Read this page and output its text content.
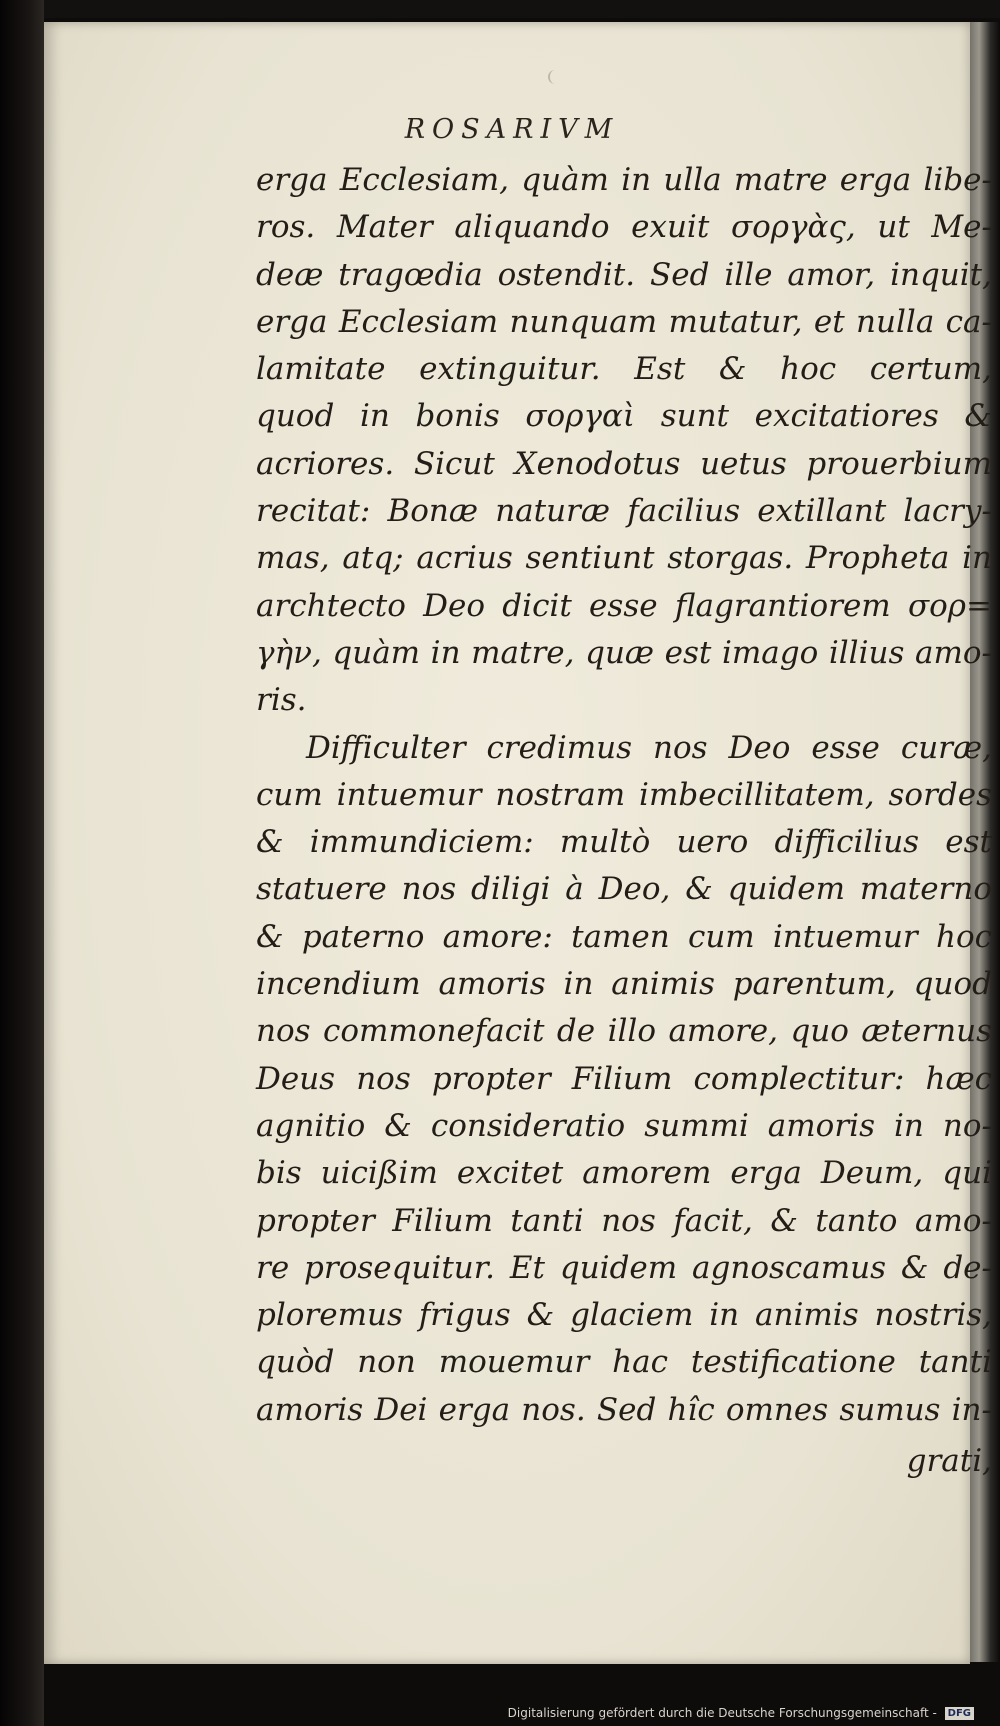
ROSARIVM
erga Ecclesiam, quàm in ulla matre erga libe-
ros. Mater aliquando exuit σοργὰς, ut Me-
deæ tragœdia ostendit. Sed ille amor, inquit,
erga Ecclesiam nunquam mutatur, et nulla ca-
lamitate extinguitur. Est & hoc certum,
quod in bonis σοργαὶ sunt excitatiores &
acriores. Sicut Xenodotus uetus prouerbium
recitat: Bonæ naturæ facilius extillant lacry-
mas, atq; acrius sentiunt storgas. Propheta in
archtecto Deo dicit esse flagrantiorem σορ=
γὴν, quàm in matre, quæ est imago illius amo-
ris.
Difficulter credimus nos Deo esse curæ,
cum intuemur nostram imbecillitatem, sordes
& immundiciem: multò uero difficilius est
statuere nos diligi à Deo, & quidem materno
& paterno amore: tamen cum intuemur hoc
incendium amoris in animis parentum, quod
nos commonefacit de illo amore, quo æternus
Deus nos propter Filium complectitur: hæc
agnitio & consideratio summi amoris in no-
bis uicißim excitet amorem erga Deum, qui
propter Filium tanti nos facit, & tanto amo-
re prosequitur. Et quidem agnoscamus & de-
ploremus frigus & glaciem in animis nostris,
quòd non mouemur hac testificatione tanti
amoris Dei erga nos. Sed hîc omnes sumus in-
grati,
Digitalisierung gefördert durch die Deutsche Forschungsgemeinschaft - DFG
